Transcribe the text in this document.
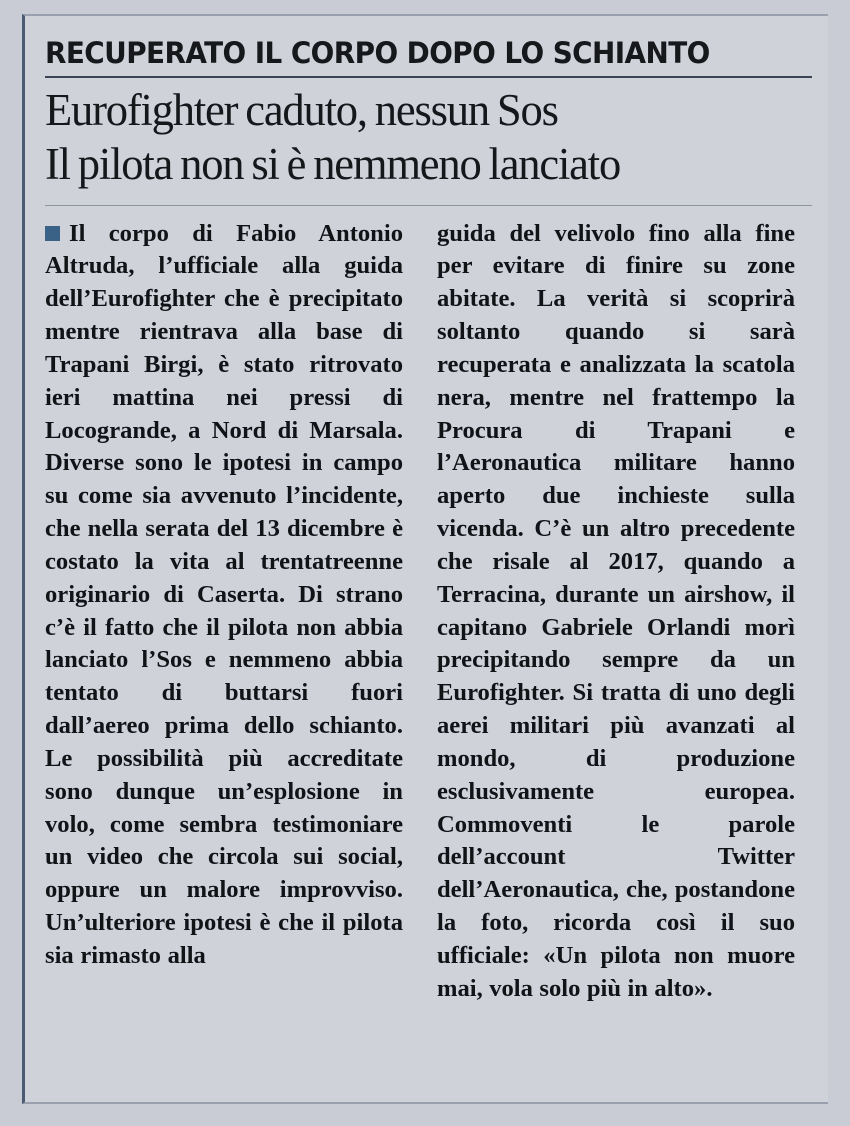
RECUPERATO IL CORPO DOPO LO SCHIANTO
Eurofighter caduto, nessun Sos
Il pilota non si è nemmeno lanciato

Il corpo di Fabio Antonio Altruda, l’ufficiale alla guida dell’Eurofighter che è precipitato mentre rientrava alla base di Trapani Birgi, è stato ritrovato ieri mattina nei pressi di Locogrande, a Nord di Marsala. Diverse sono le ipotesi in campo su come sia avvenuto l’incidente, che nella serata del 13 dicembre è costato la vita al trentatreenne originario di Caserta. Di strano c’è il fatto che il pilota non abbia lanciato l’Sos e nemmeno abbia tentato di buttarsi fuori dall’aereo prima dello schianto. Le possibilità più accreditate sono dunque un’esplosione in volo, come sembra testimoniare un video che circola sui social, oppure un malore improvviso. Un’ulteriore ipotesi è che il pilota sia rimasto alla

guida del velivolo fino alla fine per evitare di finire su zone abitate. La verità si scoprirà soltanto quando si sarà recuperata e analizzata la scatola nera, mentre nel frattempo la Procura di Trapani e l’Aeronautica militare hanno aperto due inchieste sulla vicenda. C’è un altro precedente che risale al 2017, quando a Terracina, durante un airshow, il capitano Gabriele Orlandi morì precipitando sempre da un Eurofighter. Si tratta di uno degli aerei militari più avanzati al mondo, di produzione esclusivamente europea. Commoventi le parole dell’account Twitter dell’Aeronautica, che, postandone la foto, ricorda così il suo ufficiale: «Un pilota non muore mai, vola solo più in alto».
